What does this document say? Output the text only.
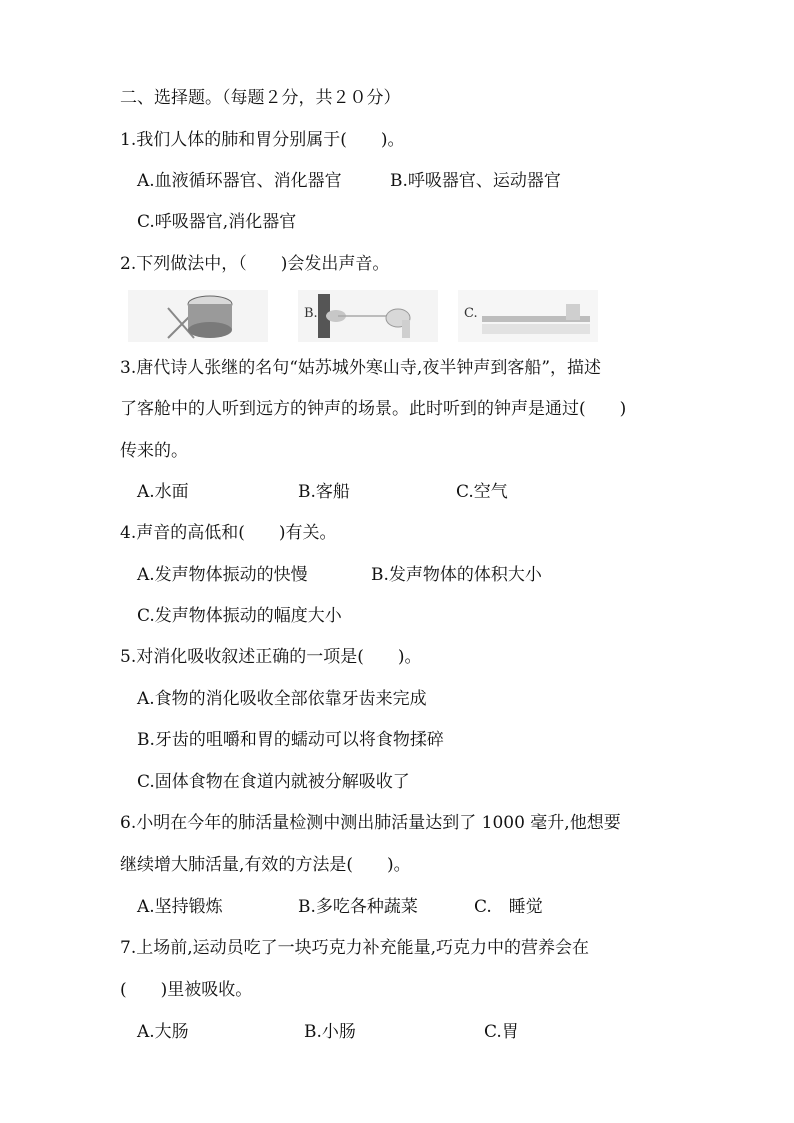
二、选择题。（每题２分，共２０分）
1.我们人体的肺和胃分别属于(　　)。
A.血液循环器官、消化器官	B.呼吸器官、运动器官
C.呼吸器官,消化器官
2.下列做法中，（　　)会发出声音。
B.	C.
3.唐代诗人张继的名句“姑苏城外寒山寺,夜半钟声到客船”，描述
了客舱中的人听到远方的钟声的场景。此时听到的钟声是通过(　　)
传来的。
A.水面	B.客船	C.空气
4.声音的高低和(　　)有关。
A.发声物体振动的快慢	B.发声物体的体积大小
C.发声物体振动的幅度大小
5.对消化吸收叙述正确的一项是(　　)。
A.食物的消化吸收全部依靠牙齿来完成
B.牙齿的咀嚼和胃的蠕动可以将食物揉碎
C.固体食物在食道内就被分解吸收了
6.小明在今年的肺活量检测中测出肺活量达到了 1000 毫升,他想要
继续增大肺活量,有效的方法是(　　)。
A.坚持锻炼	B.多吃各种蔬菜	C.　睡觉
7.上场前,运动员吃了一块巧克力补充能量,巧克力中的营养会在
(　　)里被吸收。
A.大肠	B.小肠	C.胃
